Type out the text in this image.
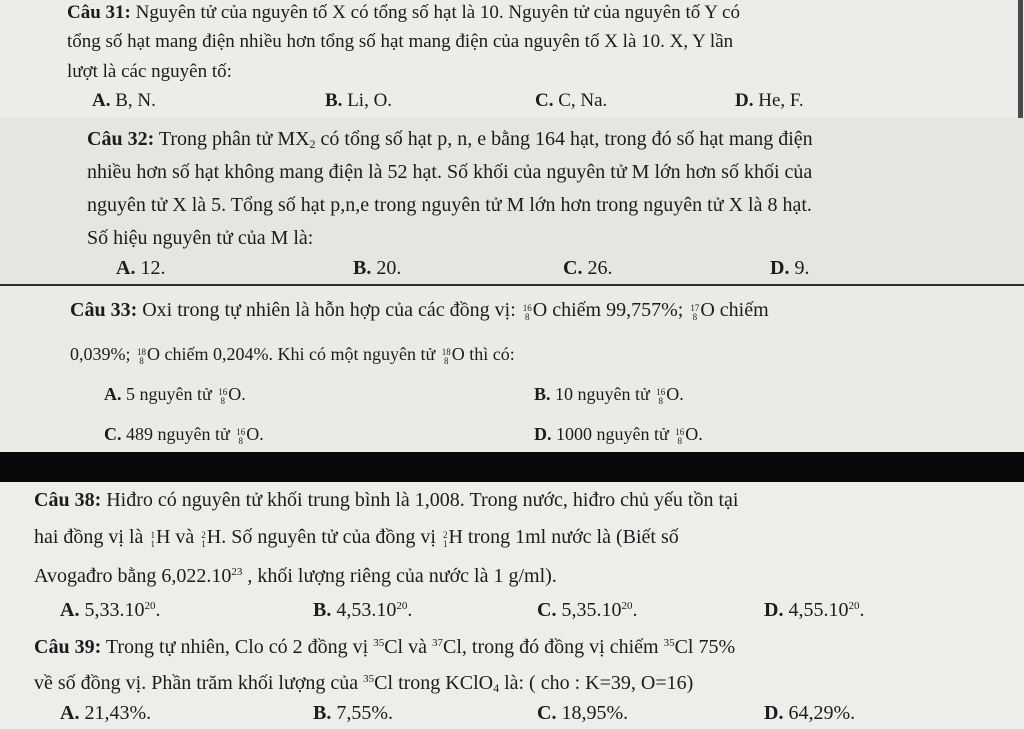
Câu 31: Nguyên tử của nguyên tố X có tổng số hạt là 10. Nguyên tử của nguyên tố Y có
tổng số hạt mang điện nhiều hơn tổng số hạt mang điện của nguyên tố X là 10. X, Y lần
lượt là các nguyên tố:
A. B, N.	B. Li, O.	C. C, Na.	D. He, F.
Câu 32: Trong phân tử $MX_2$ có tổng số hạt p, n, e bằng 164 hạt, trong đó số hạt mang điện
nhiều hơn số hạt không mang điện là 52 hạt. Số khối của nguyên tử M lớn hơn số khối của
nguyên tử X là 5. Tổng số hạt p,n,e trong nguyên tử M lớn hơn trong nguyên tử X là 8 hạt.
Số hiệu nguyên tử của M là:
A. 12.	B. 20.	C. 26.	D. 9.
Câu 33: Oxi trong tự nhiên là hỗn hợp của các đồng vị: 16
8 O chiếm 99,757%; 17
8 O chiếm
0,039%; 18
8 O chiếm 0,204%. Khi có một nguyên tử 18
8 O thì có:
A. 5 nguyên tử 16
8 O.	B. 10 nguyên tử 16
8 O.
C. 489 nguyên tử 16
8 O.	D. 1000 nguyên tử 16
8 O.
Câu 38: Hiđro có nguyên tử khối trung bình là 1,008. Trong nước, hiđro chủ yếu tồn tại
hai đồng vị là 1
1 H và 2
1 H. Số nguyên tử của đồng vị 2
1 H trong 1ml nước là (Biết số
Avogađro bằng 6,022.10$^{23}$ , khối lượng riêng của nước là 1 g/ml).
A. 5,33.10$^{20}$.	B. 4,53.10$^{20}$.	C. 5,35.10$^{20}$.	D. 4,55.10$^{20}$.
Câu 39: Trong tự nhiên, Clo có 2 đồng vị $^{35}$Cl và $^{37}$Cl, trong đó đồng vị chiếm $^{35}$Cl 75%
về số đồng vị. Phần trăm khối lượng của $^{35}$Cl trong KClO$_4$ là: ( cho : K=39, O=16)
A. 21,43%.	B. 7,55%.	C. 18,95%.	D. 64,29%.
